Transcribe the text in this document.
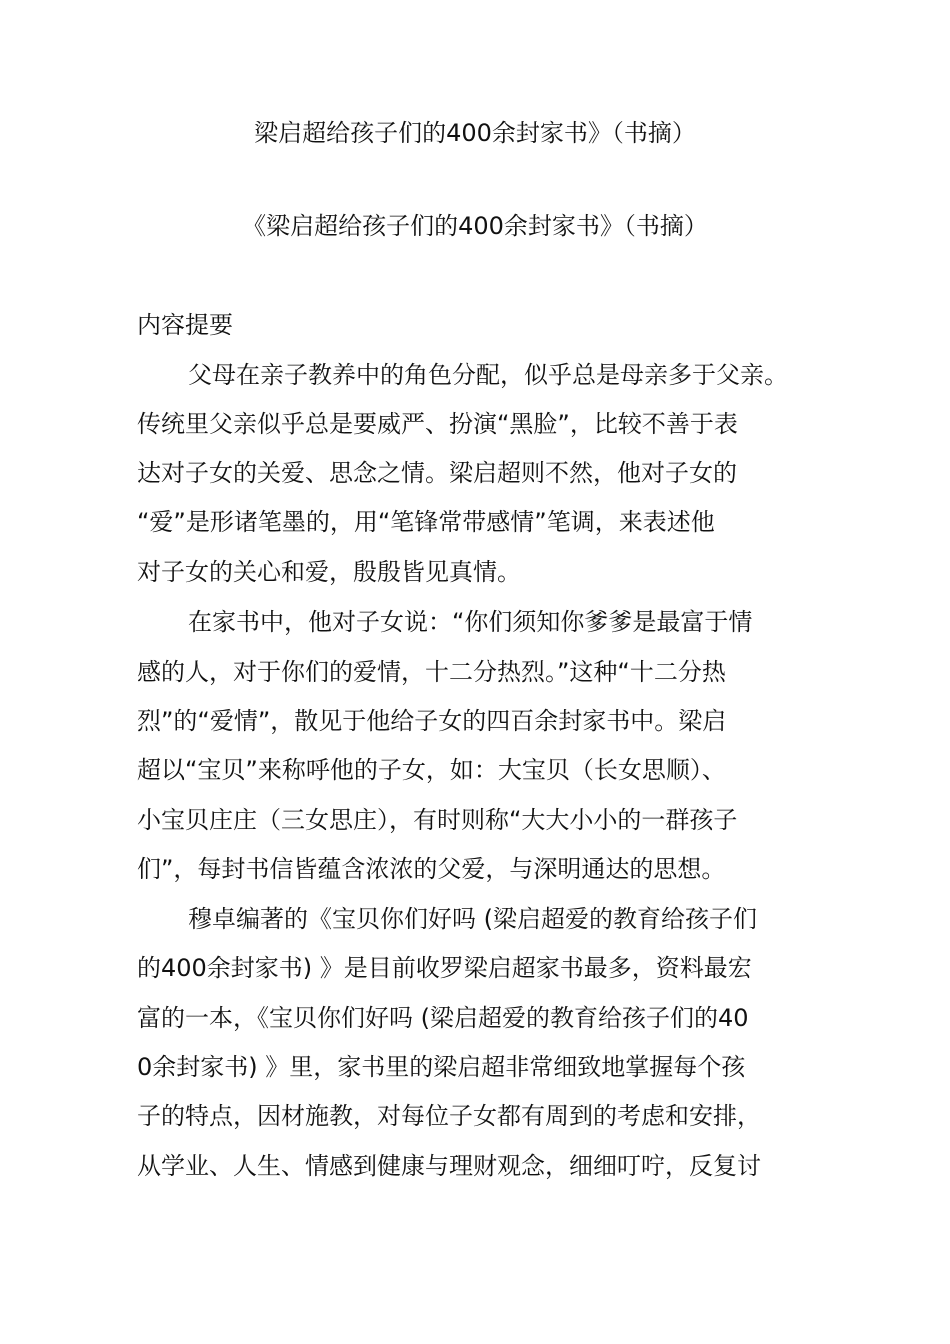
梁启超给孩子们的400余封家书》（书摘）
《梁启超给孩子们的400余封家书》（书摘）
内容提要
父母在亲子教养中的角色分配，似乎总是母亲多于父亲。
传统里父亲似乎总是要威严、扮演“黑脸”，比较不善于表
达对子女的关爱、思念之情。梁启超则不然，他对子女的
“爱”是形诸笔墨的，用“笔锋常带感情”笔调，来表述他
对子女的关心和爱，殷殷皆见真情。
在家书中，他对子女说：“你们须知你爹爹是最富于情
感的人，对于你们的爱情，十二分热烈。”这种“十二分热
烈”的“爱情”，散见于他给子女的四百余封家书中。梁启
超以“宝贝”来称呼他的子女，如：大宝贝（长女思顺）、
小宝贝庄庄（三女思庄），有时则称“大大小小的一群孩子
们”，每封书信皆蕴含浓浓的父爱，与深明通达的思想。
穆卓编著的《宝贝你们好吗 (梁启超爱的教育给孩子们
的400余封家书) 》是目前收罗梁启超家书最多，资料最宏
富的一本，《宝贝你们好吗 (梁启超爱的教育给孩子们的40
0余封家书) 》里，家书里的梁启超非常细致地掌握每个孩
子的特点，因材施教，对每位子女都有周到的考虑和安排，
从学业、人生、情感到健康与理财观念，细细叮咛，反复讨
